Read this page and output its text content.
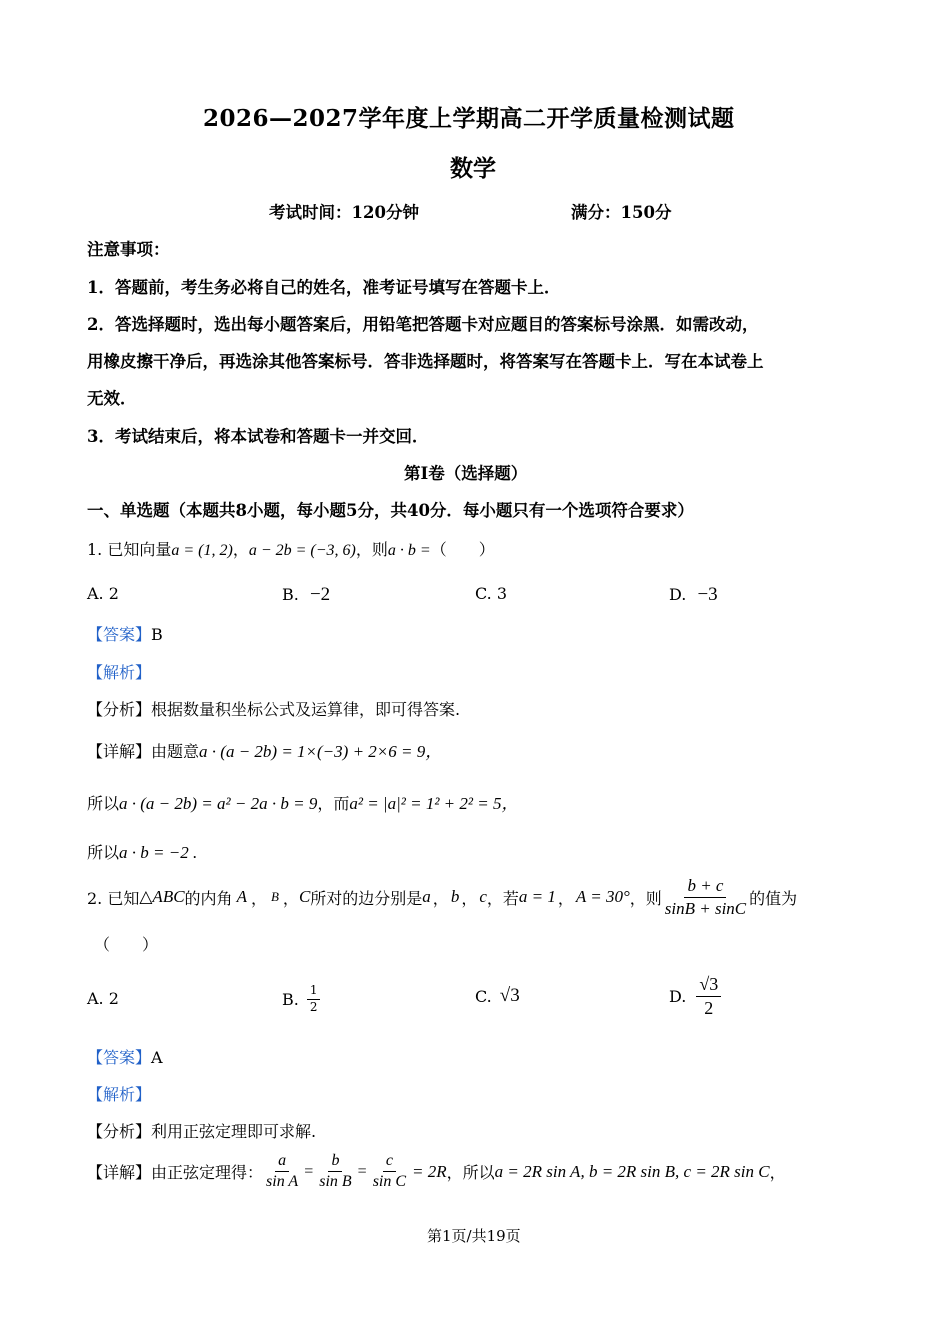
2026—2027学年度上学期高二开学质量检测试题
数学
考试时间：120分钟	满分：150分
注意事项：
1．答题前，考生务必将自己的姓名，准考证号填写在答题卡上．
2．答选择题时，选出每小题答案后，用铅笔把答题卡对应题目的答案标号涂黑．如需改动，
用橡皮擦干净后，再选涂其他答案标号．答非选择题时，将答案写在答题卡上．写在本试卷上
无效．
3．考试结束后，将本试卷和答题卡一并交回．
第Ⅰ卷（选择题）
一、单选题（本题共8小题，每小题5分，共40分．每小题只有一个选项符合要求）
1. 已知向量a = (1, 2)，a − 2b = (−3, 6)，则a · b =（　　）
A. 2	B. −2	C. 3	D. −3
【答案】B
【解析】
【分析】根据数量积坐标公式及运算律，即可得答案.
【详解】由题意a · (a − 2b) = 1×(−3) + 2×6 = 9，
所以a · (a − 2b) = a² − 2a · b = 9，而a² = |a|² = 1² + 2² = 5，
所以a · b = −2 .
2. 已知 △ABC 的内角 A ， B ， C 所对的边分别是 a ， b ， c ，若 a = 1 ， A = 30° ，则 $\frac{b + c}{\sin B + \sin C}$ 的值为
（　　）
A. 2	B. $\frac{1}{2}$	C. √3	D. $\frac{√3}{2}$
【答案】A
【解析】
【分析】利用正弦定理即可求解.
【详解】 由正弦定理得： $\frac{a}{\text{sin A}} = \frac{b}{\text{sin B}} = \frac{c}{\text{sin C}} = 2R$ ，所以 a = 2R sin A, b = 2R sin B, c = 2R sin C ，
第1页/共19页
